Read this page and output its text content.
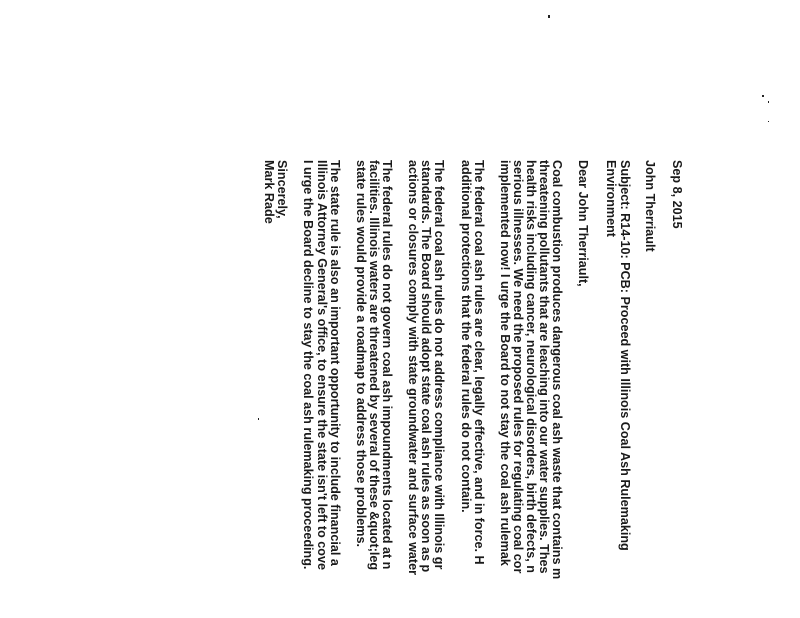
Sep 8, 2015
John Therriault
Subject: R14-10: PCB: Proceed with Illinois Coal Ash Rulemaking
Environment
Dear John Therriault,
Coal combustion produces dangerous coal ash waste that contains m
threatening pollutants that are leaching into our water supplies. Thes
health risks including cancer, neurological disorders, birth defects, n
serious illnesses. We need the proposed rules for regulating coal cor
implemented now! I urge the Board to not stay the coal ash rulemak
The federal coal ash rules are clear, legally effective, and in force. H
additional protections that the federal rules do not contain.
The federal coal ash rules do not address compliance with Illinois gr
standards. The Board should adopt state coal ash rules as soon as p
actions or closures comply with state groundwater and surface water
The federal rules do not govern coal ash impoundments located at n
facilities. Illinois waters are threatened by several of these &quot;leg
state rules would provide a roadmap to address those problems.
The state rule is also an important opportunity to include financial a
Illinois Attorney General's office, to ensure the state isn't left to cove
I urge the Board decline to stay the coal ash rulemaking proceeding.
Sincerely,
Mark Rade
